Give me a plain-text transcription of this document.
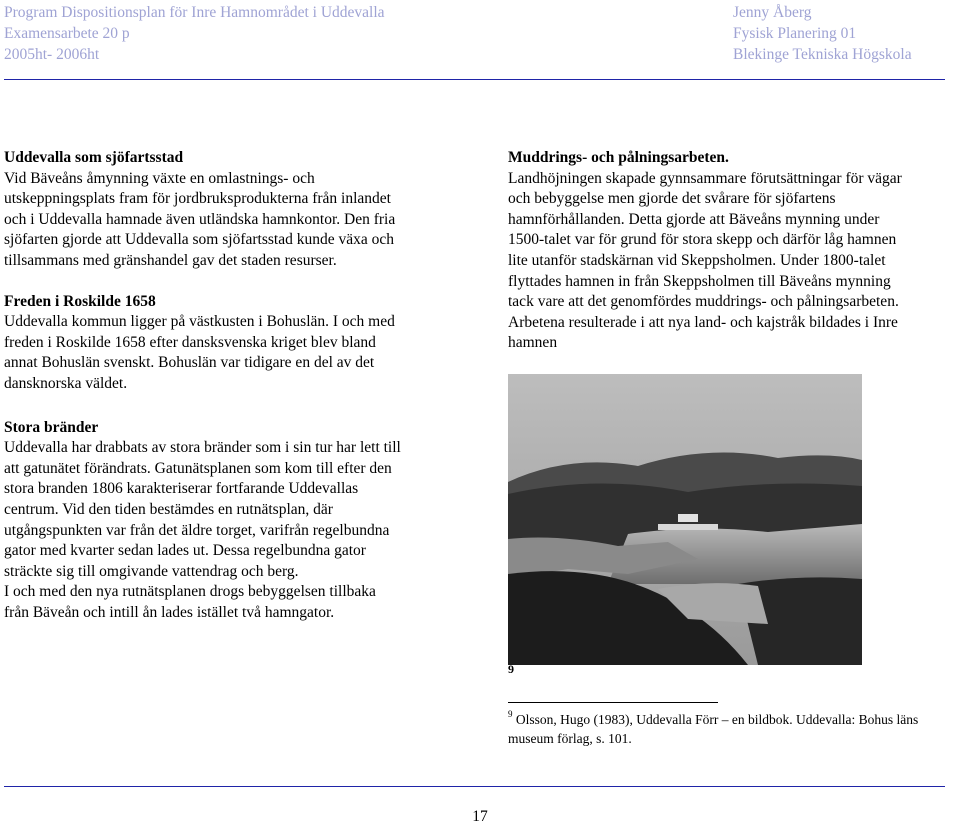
Program Dispositionsplan för Inre Hamnområdet i Uddevalla
Examensarbete 20 p
2005ht- 2006ht
Jenny Åberg
Fysisk Planering 01
Blekinge Tekniska Högskola

Uddevalla som sjöfartsstad

Vid Bäveåns åmynning växte en omlastnings- och

utskeppningsplats fram för jordbruksprodukterna från inlandet

och i Uddevalla hamnade även utländska hamnkontor. Den fria

sjöfarten gjorde att Uddevalla som sjöfartsstad kunde växa och

tillsammans med gränshandel gav det staden resurser.

Freden i Roskilde 1658

Uddevalla kommun ligger på västkusten i Bohuslän. I och med

freden i Roskilde 1658 efter dansksvenska kriget blev bland

annat Bohuslän svenskt. Bohuslän var tidigare en del av det

dansknorska väldet.

Stora bränder

Uddevalla har drabbats av stora bränder som i sin tur har lett till

att gatunätet förändrats. Gatunätsplanen som kom till efter den

stora branden 1806 karakteriserar fortfarande Uddevallas

centrum. Vid den tiden bestämdes en rutnätsplan, där

utgångspunkten var från det äldre torget, varifrån regelbundna

gator med kvarter sedan lades ut. Dessa regelbundna gator

sträckte sig till omgivande vattendrag och berg.

I och med den nya rutnätsplanen drogs bebyggelsen tillbaka

från Bäveån och intill ån lades istället två hamngator.

Muddrings- och pålningsarbeten.

Landhöjningen skapade gynnsammare förutsättningar för vägar

och bebyggelse men gjorde det svårare för sjöfartens

hamnförhållanden. Detta gjorde att Bäveåns mynning under

1500-talet var för grund för stora skepp och därför låg hamnen

lite utanför stadskärnan vid Skeppsholmen. Under 1800-talet

flyttades hamnen in från Skeppsholmen till Bäveåns mynning

tack vare att det genomfördes muddrings- och pålningsarbeten.

Arbetena resulterade i att nya land- och kajstråk bildades i Inre

hamnen

9
$^9$ Olsson, Hugo (1983), Uddevalla Förr – en bildbok. Uddevalla: Bohus läns museum förlag, s. 101.
17
